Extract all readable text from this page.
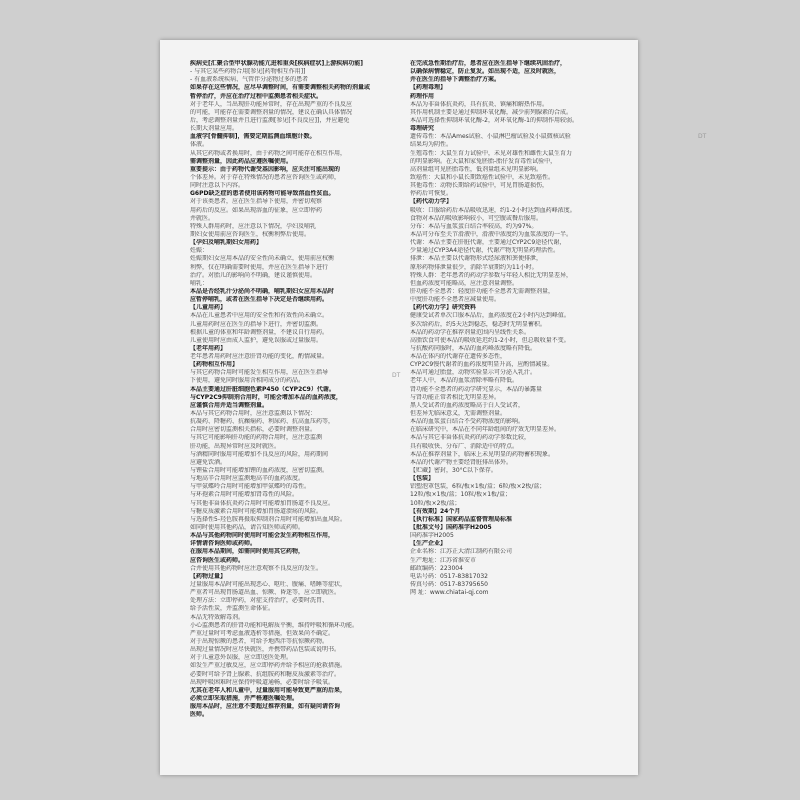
疾病史[汇聚合型甲状腺功能亢进和重炎[疾病症状]上游疾病功能]
- 与其它某些药物合用[参见[药物相互作用]]
- 有血液系统疾病、气管伴分泌物过多的患者
如果存在这些情况，应尽早调整时间，有需要调整相关药物的剂量或
暂停治疗，并应在治疗过程中监测患者相关症状。
对于老年人，当出现肝功能异常时，存在出现严重的不良反应
的可能，可能存在需要调整剂量的情况，建议在确认具体情况
后，考虑调整剂量并且进行监测[参见[不良反应]]，并应避免
长期大剂量应用。
血液学[骨髓抑制]，需要定期监测血细胞计数。
体液。
从其它药物或者换用时，由于药物之间可能存在相互作用，
需调整剂量，因此药品应遵医嘱使用。
重要提示：由于药物代谢受基因影响，应关注可能出现的
个体差异。对于存在特殊情况的患者应咨询医生或药师，
同时注意以下内容。
G6PD缺乏症的患者使用该药物可能导致溶血性贫血。
对于该类患者，应在医生指导下使用，并密切观察
用药后的反应。如果出现溶血的征象，应立即停药
并就医。
特殊人群用药时，应注意以下情况，孕妇及哺乳
期妇女使用前应咨询医生，权衡利弊后使用。
【孕妇及哺乳期妇女用药】
妊娠：
妊娠期妇女应用本品的安全性尚未确立，使用前应权衡
利弊，仅在明确需要时使用，并应在医生指导下进行
治疗。对胎儿的影响尚不明确，建议谨慎使用。
哺乳：
本品是否经乳汁分泌尚不明确，哺乳期妇女应用本品时
应暂停哺乳，或者在医生指导下决定是否继续用药。
【儿童用药】
本品在儿童患者中应用的安全性和有效性尚未确立。
儿童用药时应在医生的指导下进行，并密切监测。
根据儿童的体重和年龄调整剂量，不建议自行用药。
儿童使用时应由成人监护，避免误服或过量服用。
【老年用药】
老年患者用药时应注意肝肾功能的变化，酌情减量。
【药物相互作用】
与其它药物合用时可能发生相互作用，应在医生指导
下使用，避免同时服用含相同成分的药品。
本品主要通过肝脏细胞色素P450（CYP2C9）代谢。
与CYP2C9抑制剂合用时，可能会增加本品的血药浓度，
应谨慎合用并适当调整剂量。
本品与其它药物合用时，应注意监测以下情况：
抗凝药、降糖药、抗癫痫药、利尿药、抗高血压药等，
合用时应密切监测相关指标，必要时调整剂量。
与其它可能影响肝功能的药物合用时，应注意监测
肝功能，出现异常时应及时就医。
与酒精同时服用可能增加不良反应的风险，用药期间
应避免饮酒。
与锂盐合用时可能增加锂的血药浓度，应密切监测。
与地高辛合用时应监测地高辛的血药浓度。
与甲氨蝶呤合用时可能增加甲氨蝶呤的毒性。
与环孢素合用时可能增加肾毒性的风险。
与其他非甾体抗炎药合用时可能增加胃肠道不良反应。
与糖皮质激素合用时可能增加胃肠道溃疡的风险。
与选择性5-羟色胺再摄取抑制剂合用时可能增加出血风险。
如同时使用其他药品，请告知医师或药师。
本品与其他药物同时使用时可能会发生药物相互作用，
详情请咨询医师或药师。
在服用本品期间，如需同时使用其它药物，
应咨询医生或药师。
合并使用其他药物时应注意观察不良反应的发生。
【药物过量】
过量服用本品时可能出现恶心、呕吐、腹痛、嗜睡等症状，
严重者可出现胃肠道出血、惊厥、昏迷等，应立即就医。
处理方法：立即停药，对症支持治疗，必要时洗胃、
给予活性炭，并监测生命体征。
本品无特效解毒剂。
小心监测患者的肝肾功能和电解质平衡，维持呼吸和循环功能。
严重过量时可考虑血液透析等措施，但效果尚不确定。
对于出现惊厥的患者，可给予地西泮等抗惊厥药物。
出现过量情况时应尽快就医，并携带药品包装或说明书。
对于儿童意外误服，应立即送医处理。
如发生严重过敏反应，应立即停药并给予相应的抢救措施。
必要时可给予肾上腺素、抗组胺药和糖皮质激素等治疗。
出现呼吸困难时应保持呼吸道通畅，必要时给予吸氧。
尤其在老年人和儿童中，过量服用可能导致更严重的后果，
必须立即采取措施，并严格遵医嘱处理。
服用本品时，应注意不要超过推荐剂量，如有疑问请咨询
医师。
在完成急性期治疗后，患者应在医生指导下继续巩固治疗，
以确保病情稳定，防止复发。如出现不适，应及时就医，
并在医生的指导下调整治疗方案。
【药理毒理】
药理作用
本品为非甾体抗炎药，具有抗炎、镇痛和解热作用。
其作用机制主要是通过抑制环氧化酶，减少前列腺素的合成。
本品可选择性抑制环氧化酶-2，对环氧化酶-1的抑制作用较弱。
毒理研究
遗传毒性：本品Ames试验、小鼠淋巴瘤试验及小鼠微核试验
结果均为阴性。
生殖毒性：大鼠生育力试验中，未见对雄性和雌性大鼠生育力
的明显影响。在大鼠和家兔胚胎-胎仔发育毒性试验中，
高剂量组可见胚胎毒性，低剂量组未见明显影响。
致癌性：大鼠和小鼠长期致癌性试验中，未见致癌性。
其他毒性：动物长期给药试验中，可见胃肠道损伤，
停药后可恢复。
【药代动力学】
吸收：口服给药后本品吸收迅速，约1-2小时达到血药峰浓度。
食物对本品的吸收影响较小，可空腹或餐后服用。
分布：本品与血浆蛋白结合率较高，约为97%。
本品可分布至关节滑液中，滑液中浓度约为血浆浓度的一半。
代谢：本品主要在肝脏代谢，主要通过CYP2C9途径代谢，
少量通过CYP3A4途径代谢，代谢产物无明显药理活性。
排泄：本品主要以代谢物形式经尿液和粪便排泄，
原形药物排泄量很少，消除半衰期约为11小时。
特殊人群：老年患者的药动学参数与年轻人相比无明显差异，
但血药浓度可能略高，应注意剂量调整。
肝功能不全患者：轻度肝功能不全患者无需调整剂量，
中度肝功能不全患者应减量使用。
【药代动力学】研究资料
健康受试者单次口服本品后，血药浓度在2小时内达到峰值。
多次给药后，约5天达到稳态，稳态时无明显蓄积。
本品的药动学在推荐剂量范围内呈线性关系。
高脂饮食可使本品的吸收延迟约1-2小时，但总吸收量不变。
与抗酸药同服时，本品的血药峰浓度略有降低。
本品在体内的代谢存在遗传多态性，
CYP2C9慢代谢者的血药浓度明显升高，应酌情减量。
本品可通过胎盘，动物实验显示可分泌入乳汁。
老年人中，本品的血浆清除率略有降低。
肾功能不全患者的药动学研究显示，本品的暴露量
与肾功能正常者相比无明显差异。
黑人受试者的血药浓度略高于白人受试者，
但差异无临床意义，无需调整剂量。
本品的血浆蛋白结合不受药物浓度的影响。
在临床研究中，本品在不同年龄组间的疗效无明显差异。
本品与其它非甾体抗炎药的药动学参数比较，
具有吸收快、分布广、消除适中的特点。
本品在推荐剂量下，临床上未见明显的药物蓄积现象。
本品的代谢产物主要经肾脏排出体外。
【贮藏】密封，30°C以下保存。
【包装】
铝塑泡罩包装，6粒/板×1板/盒；6粒/板×2板/盒；
12粒/板×1板/盒；10粒/板×1板/盒；
10粒/板×2板/盒；
【有效期】24个月
【执行标准】国家药品监督管理局标准
【批准文号】国药准字H2005
国药准字H2005
【生产企业】
企业名称：江苏正大清江制药有限公司
生产地址：江苏省淮安市
邮政编码：223004
电话号码：0517-83817032
传真号码：0517-83795650
网 址：www.chiatai-qj.com
DT
DT
